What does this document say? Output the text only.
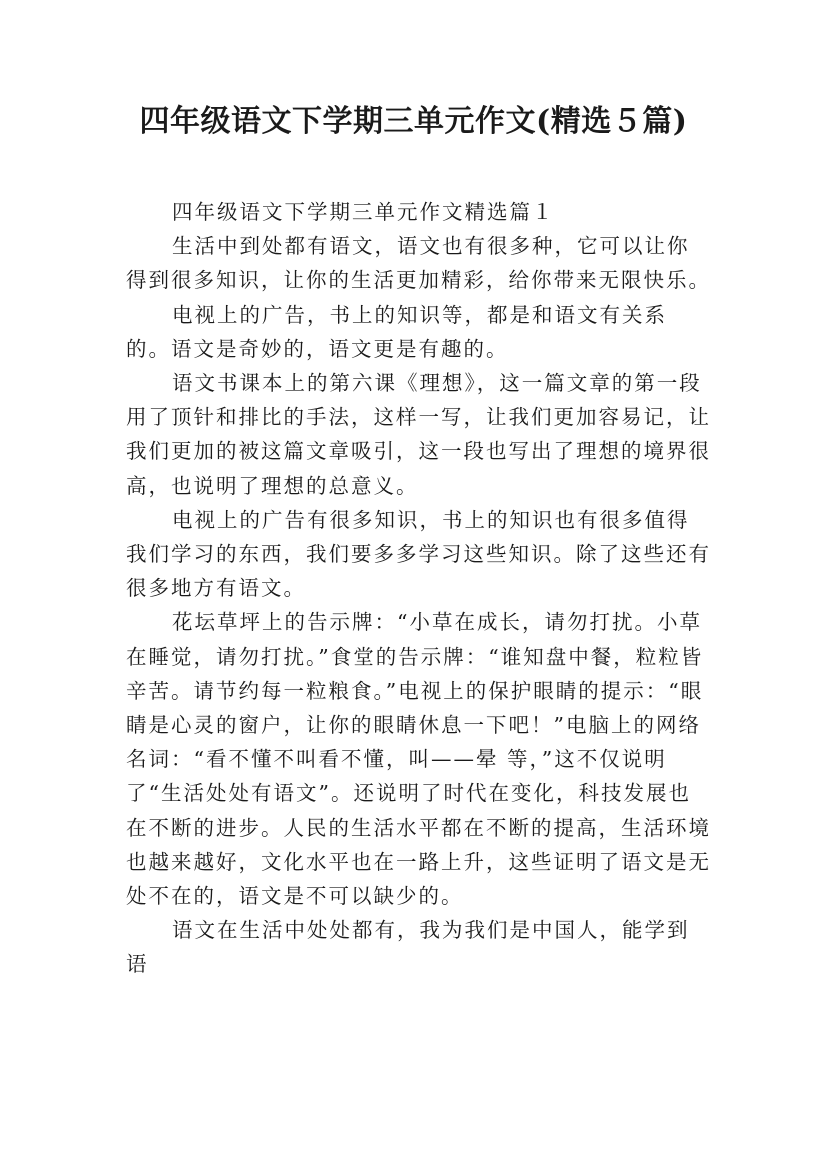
四年级语文下学期三单元作文(精选５篇)

四年级语文下学期三单元作文精选篇１

生活中到处都有语文，语文也有很多种，它可以让你得到很多知识，让你的生活更加精彩，给你带来无限快乐。

电视上的广告，书上的知识等，都是和语文有关系的。语文是奇妙的，语文更是有趣的。

语文书课本上的第六课《理想》，这一篇文章的第一段用了顶针和排比的手法，这样一写，让我们更加容易记，让我们更加的被这篇文章吸引，这一段也写出了理想的境界很高，也说明了理想的总意义。

电视上的广告有很多知识，书上的知识也有很多值得我们学习的东西，我们要多多学习这些知识。除了这些还有很多地方有语文。

花坛草坪上的告示牌：“小草在成长，请勿打扰。小草在睡觉，请勿打扰。”食堂的告示牌：“谁知盘中餐，粒粒皆辛苦。请节约每一粒粮食。”电视上的保护眼睛的提示：“眼睛是心灵的窗户，让你的眼睛休息一下吧！”电脑上的网络名词：“看不懂不叫看不懂，叫——晕 等，”这不仅说明了“生活处处有语文”。还说明了时代在变化，科技发展也在不断的进步。人民的生活水平都在不断的提高，生活环境也越来越好，文化水平也在一路上升，这些证明了语文是无处不在的，语文是不可以缺少的。

语文在生活中处处都有，我为我们是中国人，能学到语
